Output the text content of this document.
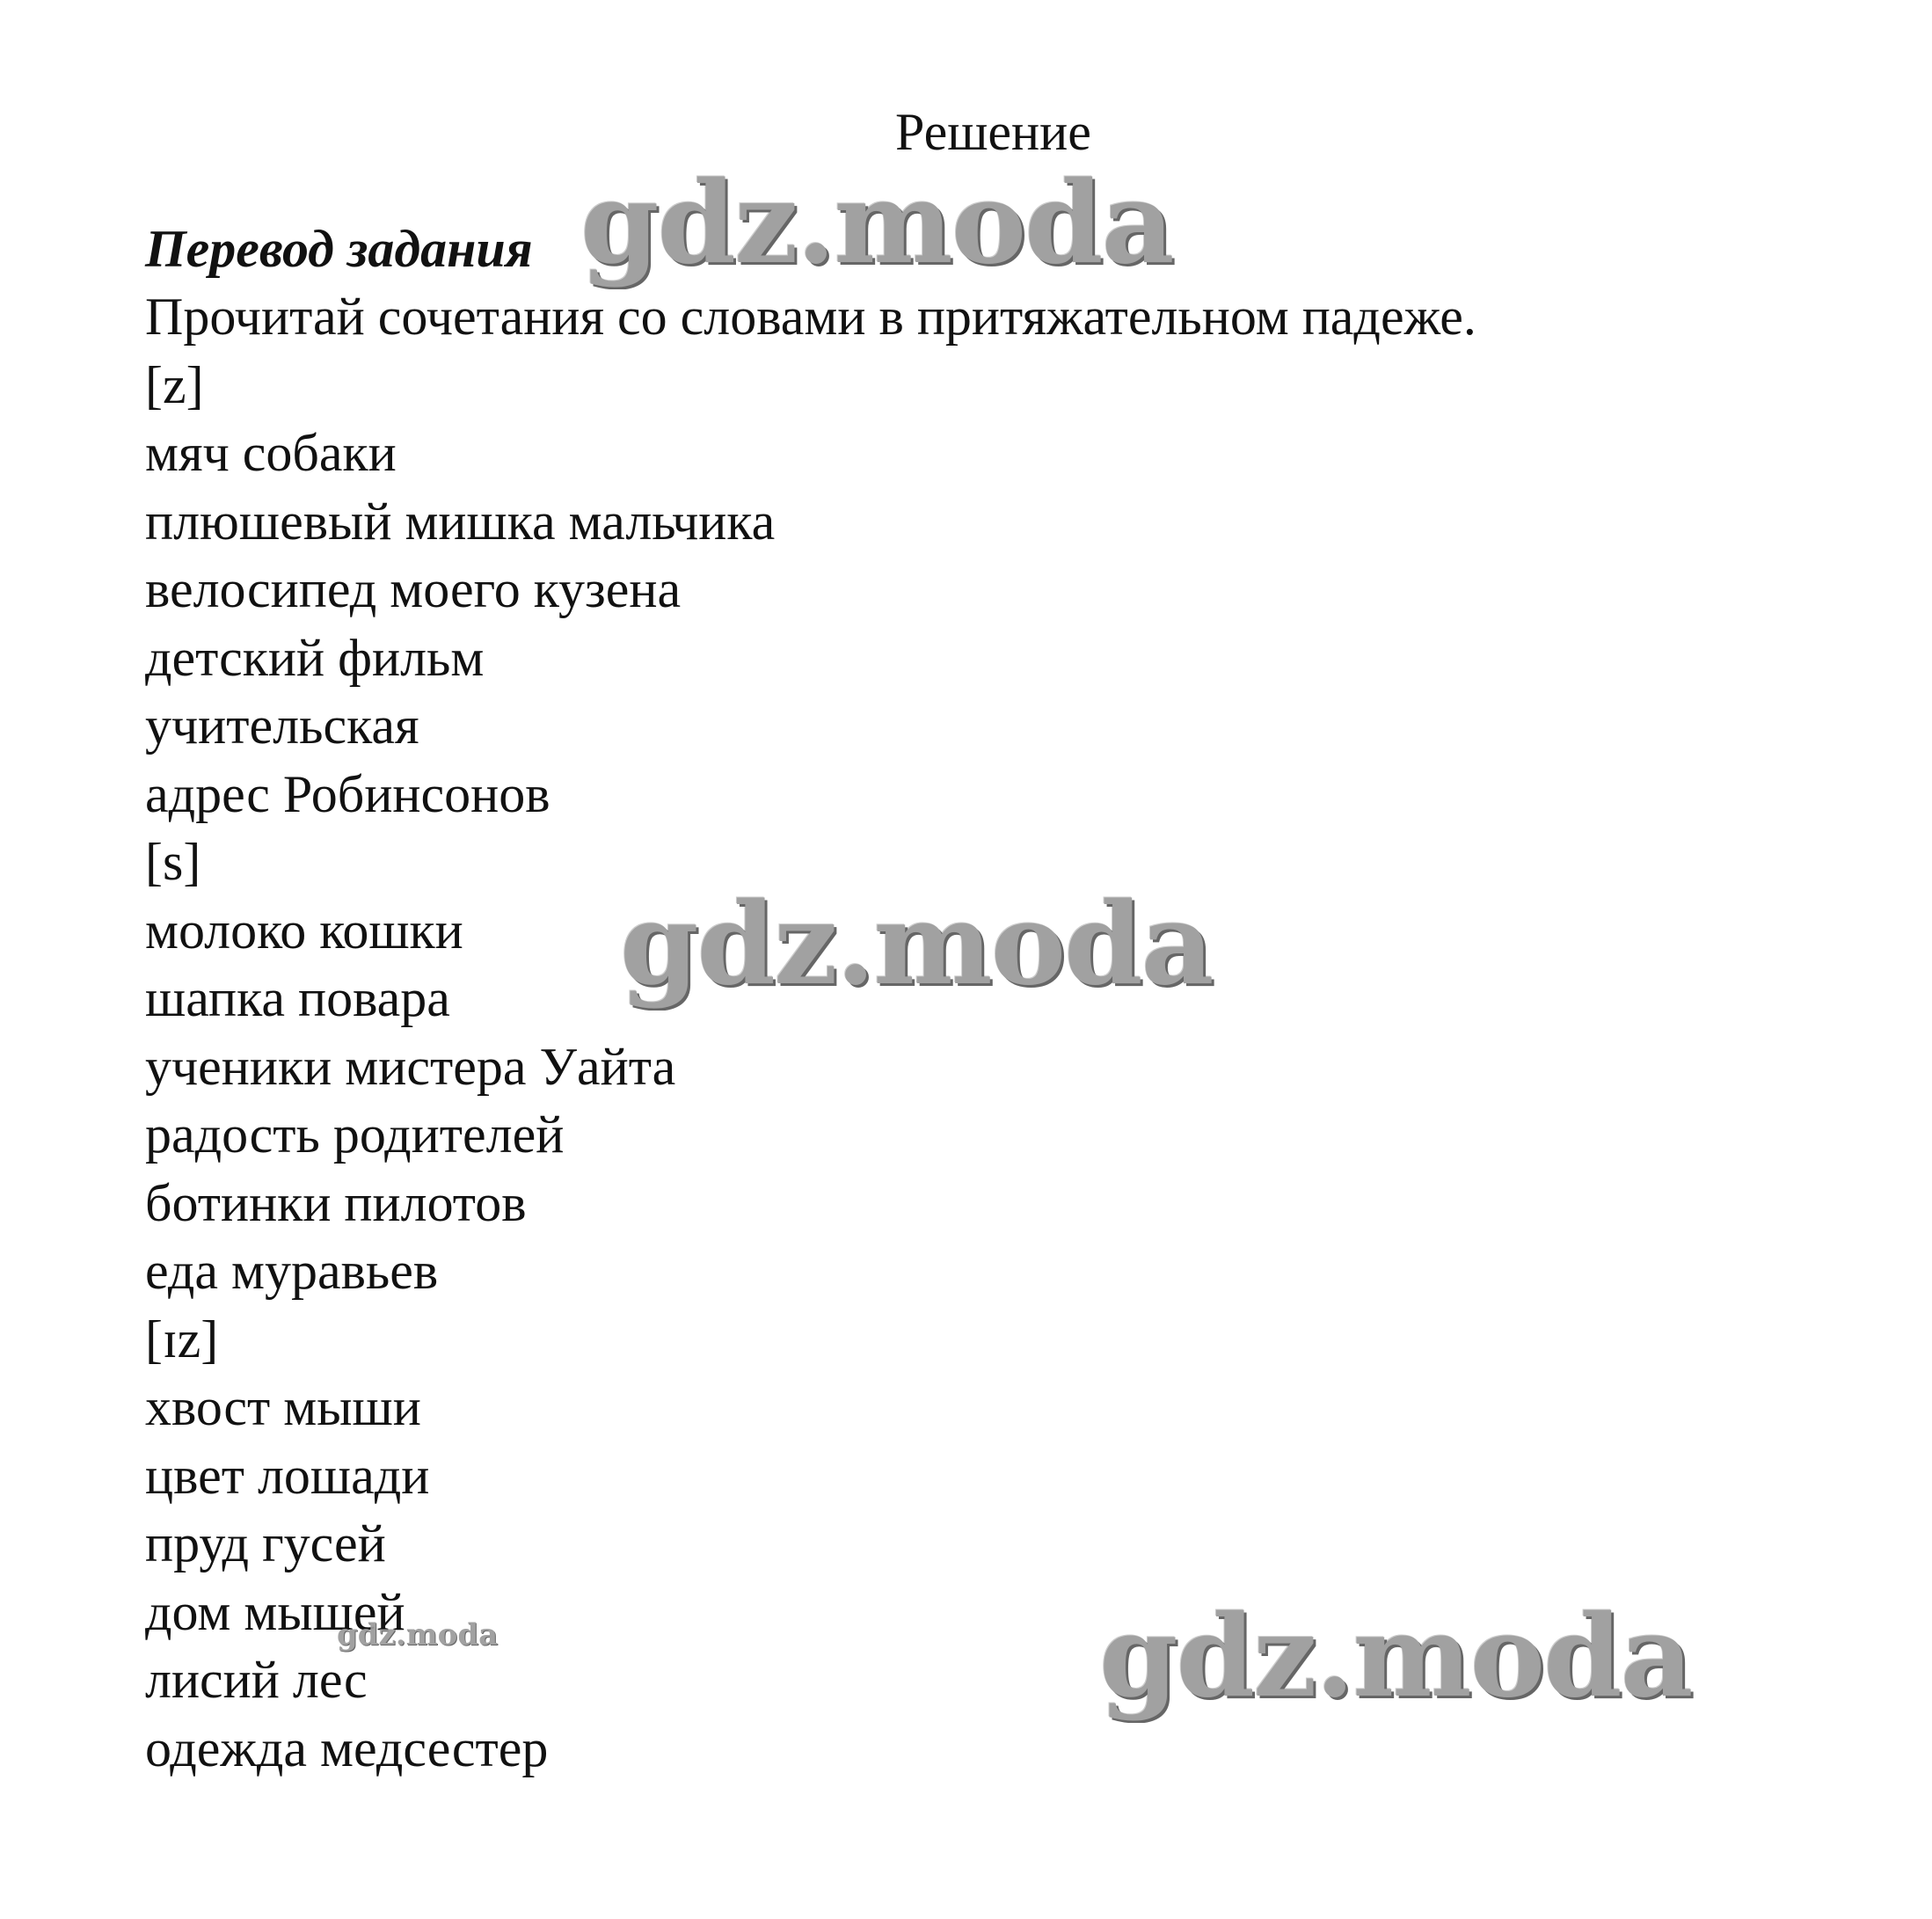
Решение
Перевод задания
Прочитай сочетания со словами в притяжательном падеже.
[z]
мяч собаки
плюшевый мишка мальчика
велосипед моего кузена
детский фильм
учительская
адрес Робинсонов
[s]
молоко кошки
шапка повара
ученики мистера Уайта
радость родителей
ботинки пилотов
еда муравьев
[ɪz]
хвост мыши
цвет лошади
пруд гусей
дом мышей
лисий лес
одежда медсестер
gdz.moda
gdz.moda
gdz.moda
gdz.moda
